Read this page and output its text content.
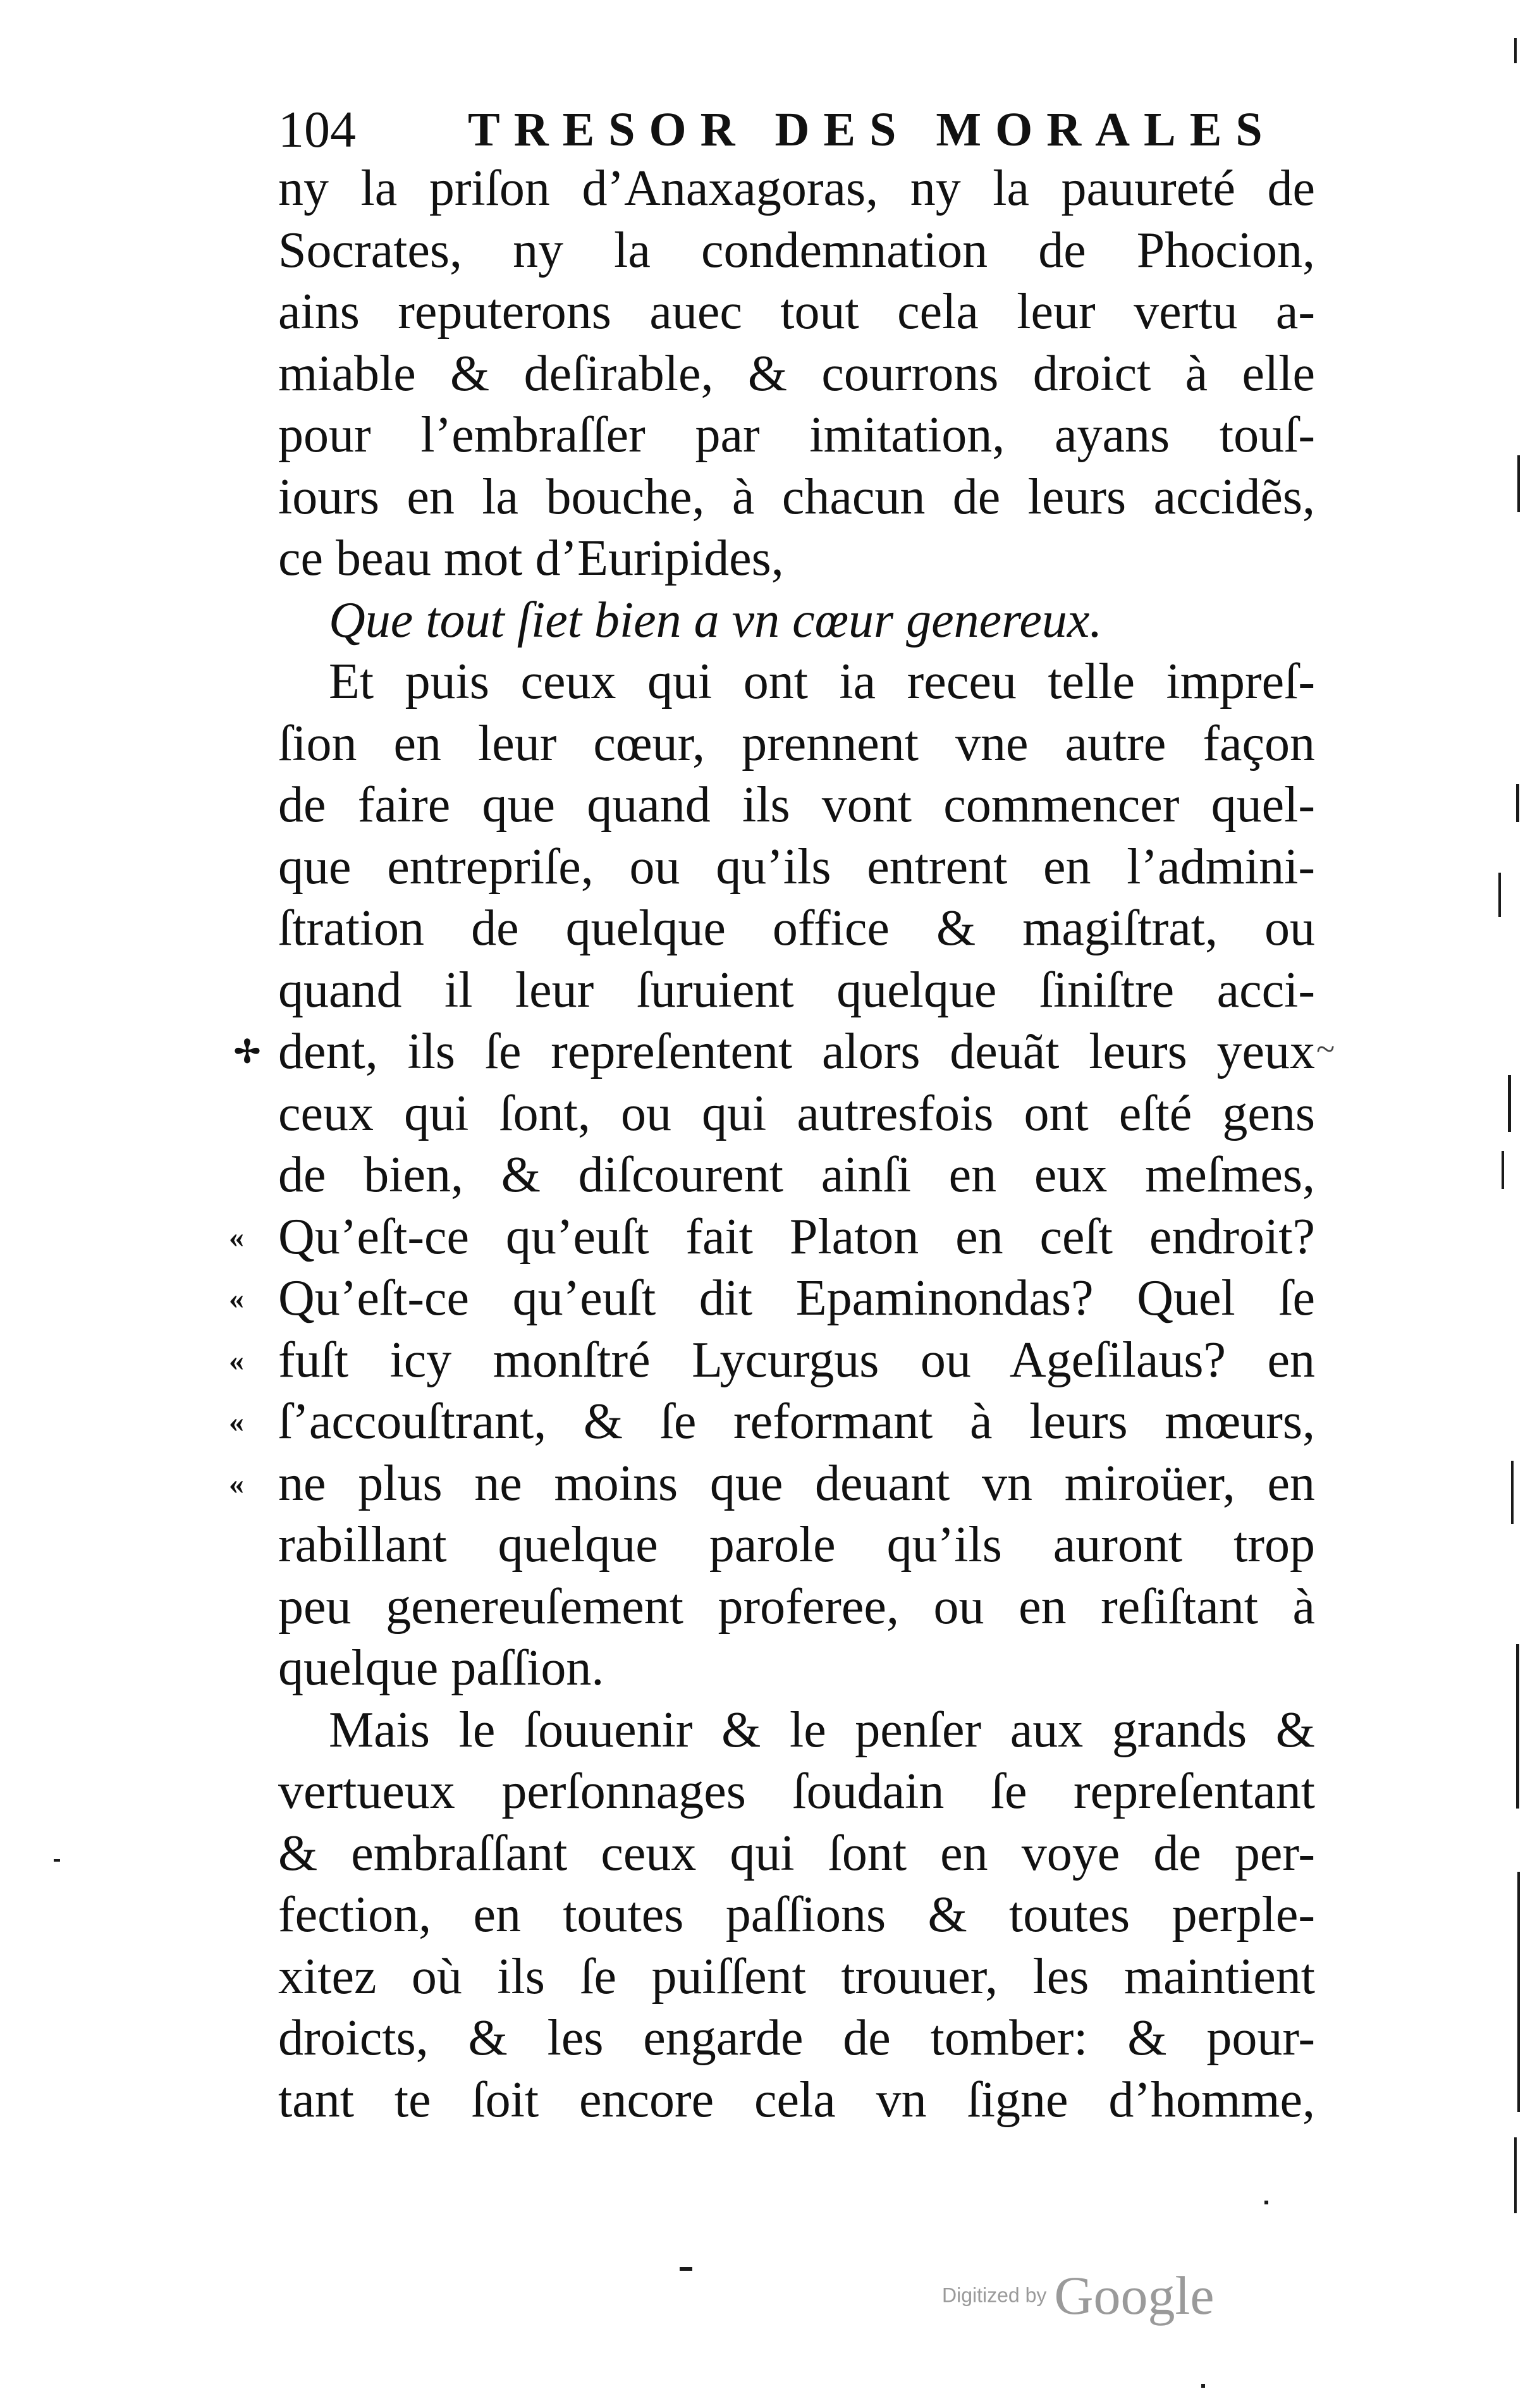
104 TRESOR DES MORALES
ny la priſon d’Anaxagoras, ny la pauureté de
Socrates, ny la condemnation de Phocion,
ains reputerons auec tout cela leur vertu a-
miable & deſirable, & courrons droict à elle
pour l’embraſſer par imitation, ayans touſ-
iours en la bouche, à chacun de leurs accidẽs,
ce beau mot d’Euripides,
Que tout ſiet bien a vn cœur genereux.
Et puis ceux qui ont ia receu telle impreſ-
ſion en leur cœur, prennent vne autre façon
de faire que quand ils vont commencer quel-
que entrepriſe, ou qu’ils entrent en l’admini-
ſtration de quelque office & magiſtrat, ou
quand il leur ſuruient quelque ſiniſtre acci-
✢ dent, ils ſe repreſentent alors deuãt leurs yeux ~
ceux qui ſont, ou qui autresfois ont eſté gens
de bien, & diſcourent ainſi en eux meſmes,
« Qu’eſt-ce qu’euſt fait Platon en ceſt endroit?
« Qu’eſt-ce qu’euſt dit Epaminondas? Quel ſe
« fuſt icy monſtré Lycurgus ou Ageſilaus? en
« ſ’accouſtrant, & ſe reformant à leurs mœurs,
« ne plus ne moins que deuant vn miroüer, en
rabillant quelque parole qu’ils auront trop
peu genereuſement proferee, ou en reſiſtant à
quelque paſſion.
Mais le ſouuenir & le penſer aux grands &
vertueux perſonnages ſoudain ſe repreſentant
& embraſſant ceux qui ſont en voye de per-
fection, en toutes paſſions & toutes perple-
xitez où ils ſe puiſſent trouuer, les maintient
droicts, & les engarde de tomber: & pour-
tant te ſoit encore cela vn ſigne d’homme,
Digitized by Google
